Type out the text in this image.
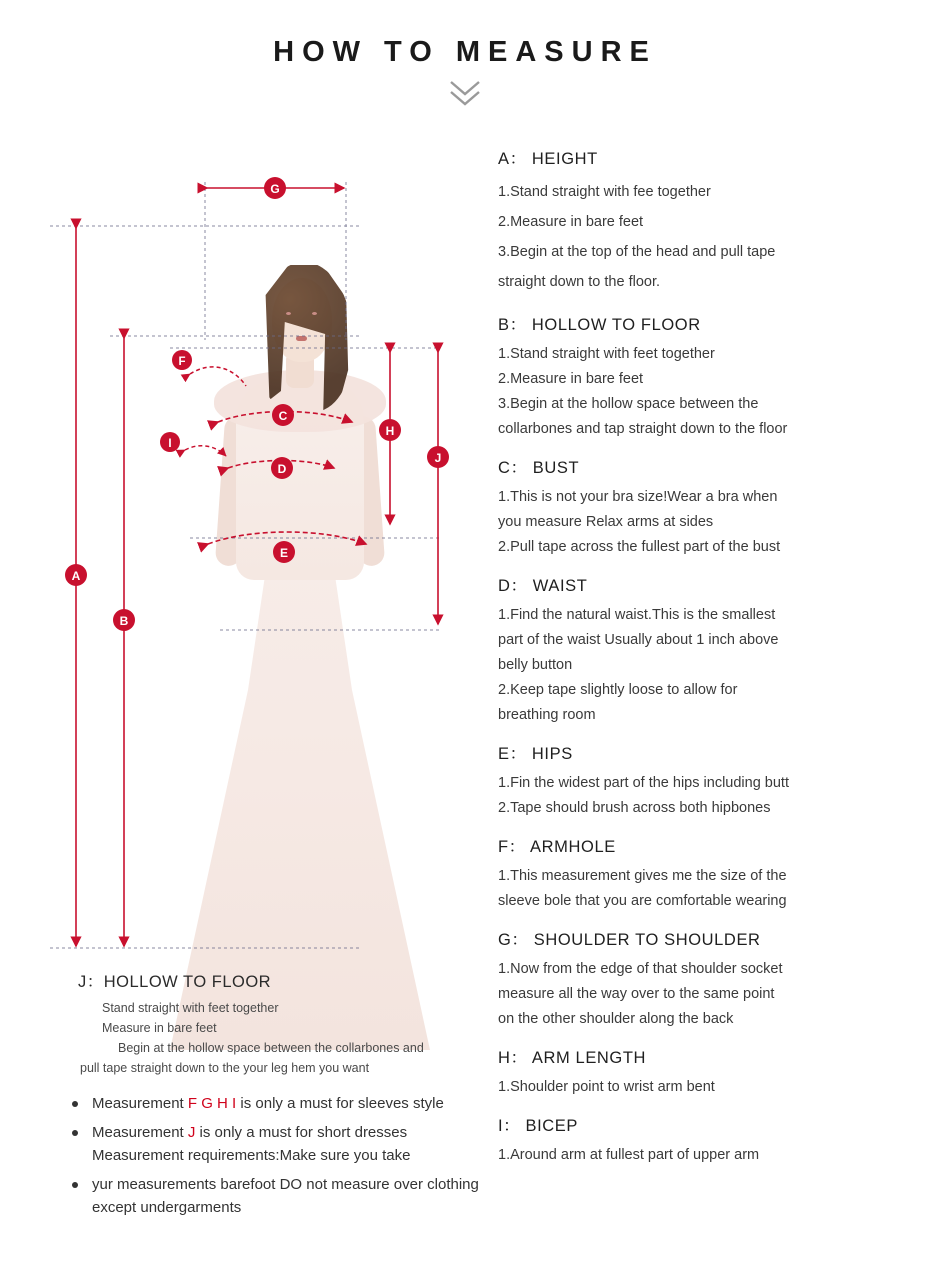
HOW TO MEASURE
A
B
G
F
C
I
D
E
H
J
J：HOLLOW TO FLOOR
Stand straight with feet together
Measure in bare feet
Begin at the hollow space between the collarbones and
pull tape straight down to the your leg hem you want
Measurement F G H I is only a must for sleeves style
Measurement J is only a must for short dresses Measurement requirements:Make sure you take
yur measurements barefoot DO not measure over clothing except undergarments
A： HEIGHT

1.Stand straight with fee together

2.Measure in bare feet

3.Begin at the top of the head and pull tape

straight down to the floor.

B： HOLLOW TO FLOOR

1.Stand straight with feet together

2.Measure in bare feet

3.Begin at the hollow space between the

collarbones and tap straight down to the floor

C： BUST

1.This is not your bra size!Wear a bra when

you measure Relax arms at sides

2.Pull tape across the fullest part of the bust

D： WAIST

1.Find the natural waist.This is the smallest

part of the waist Usually about 1 inch above

belly button

2.Keep tape slightly loose to allow for

breathing room

E： HIPS

1.Fin the widest part of the hips including butt

2.Tape should brush across both hipbones

F： ARMHOLE

1.This measurement gives me the size of the

sleeve bole that you are comfortable wearing

G： SHOULDER TO SHOULDER

1.Now from the edge of that shoulder socket

measure all the way over to the same point

on the other shoulder along the back

H： ARM LENGTH

1.Shoulder point to wrist arm bent

I： BICEP

1.Around arm at fullest part of upper arm
